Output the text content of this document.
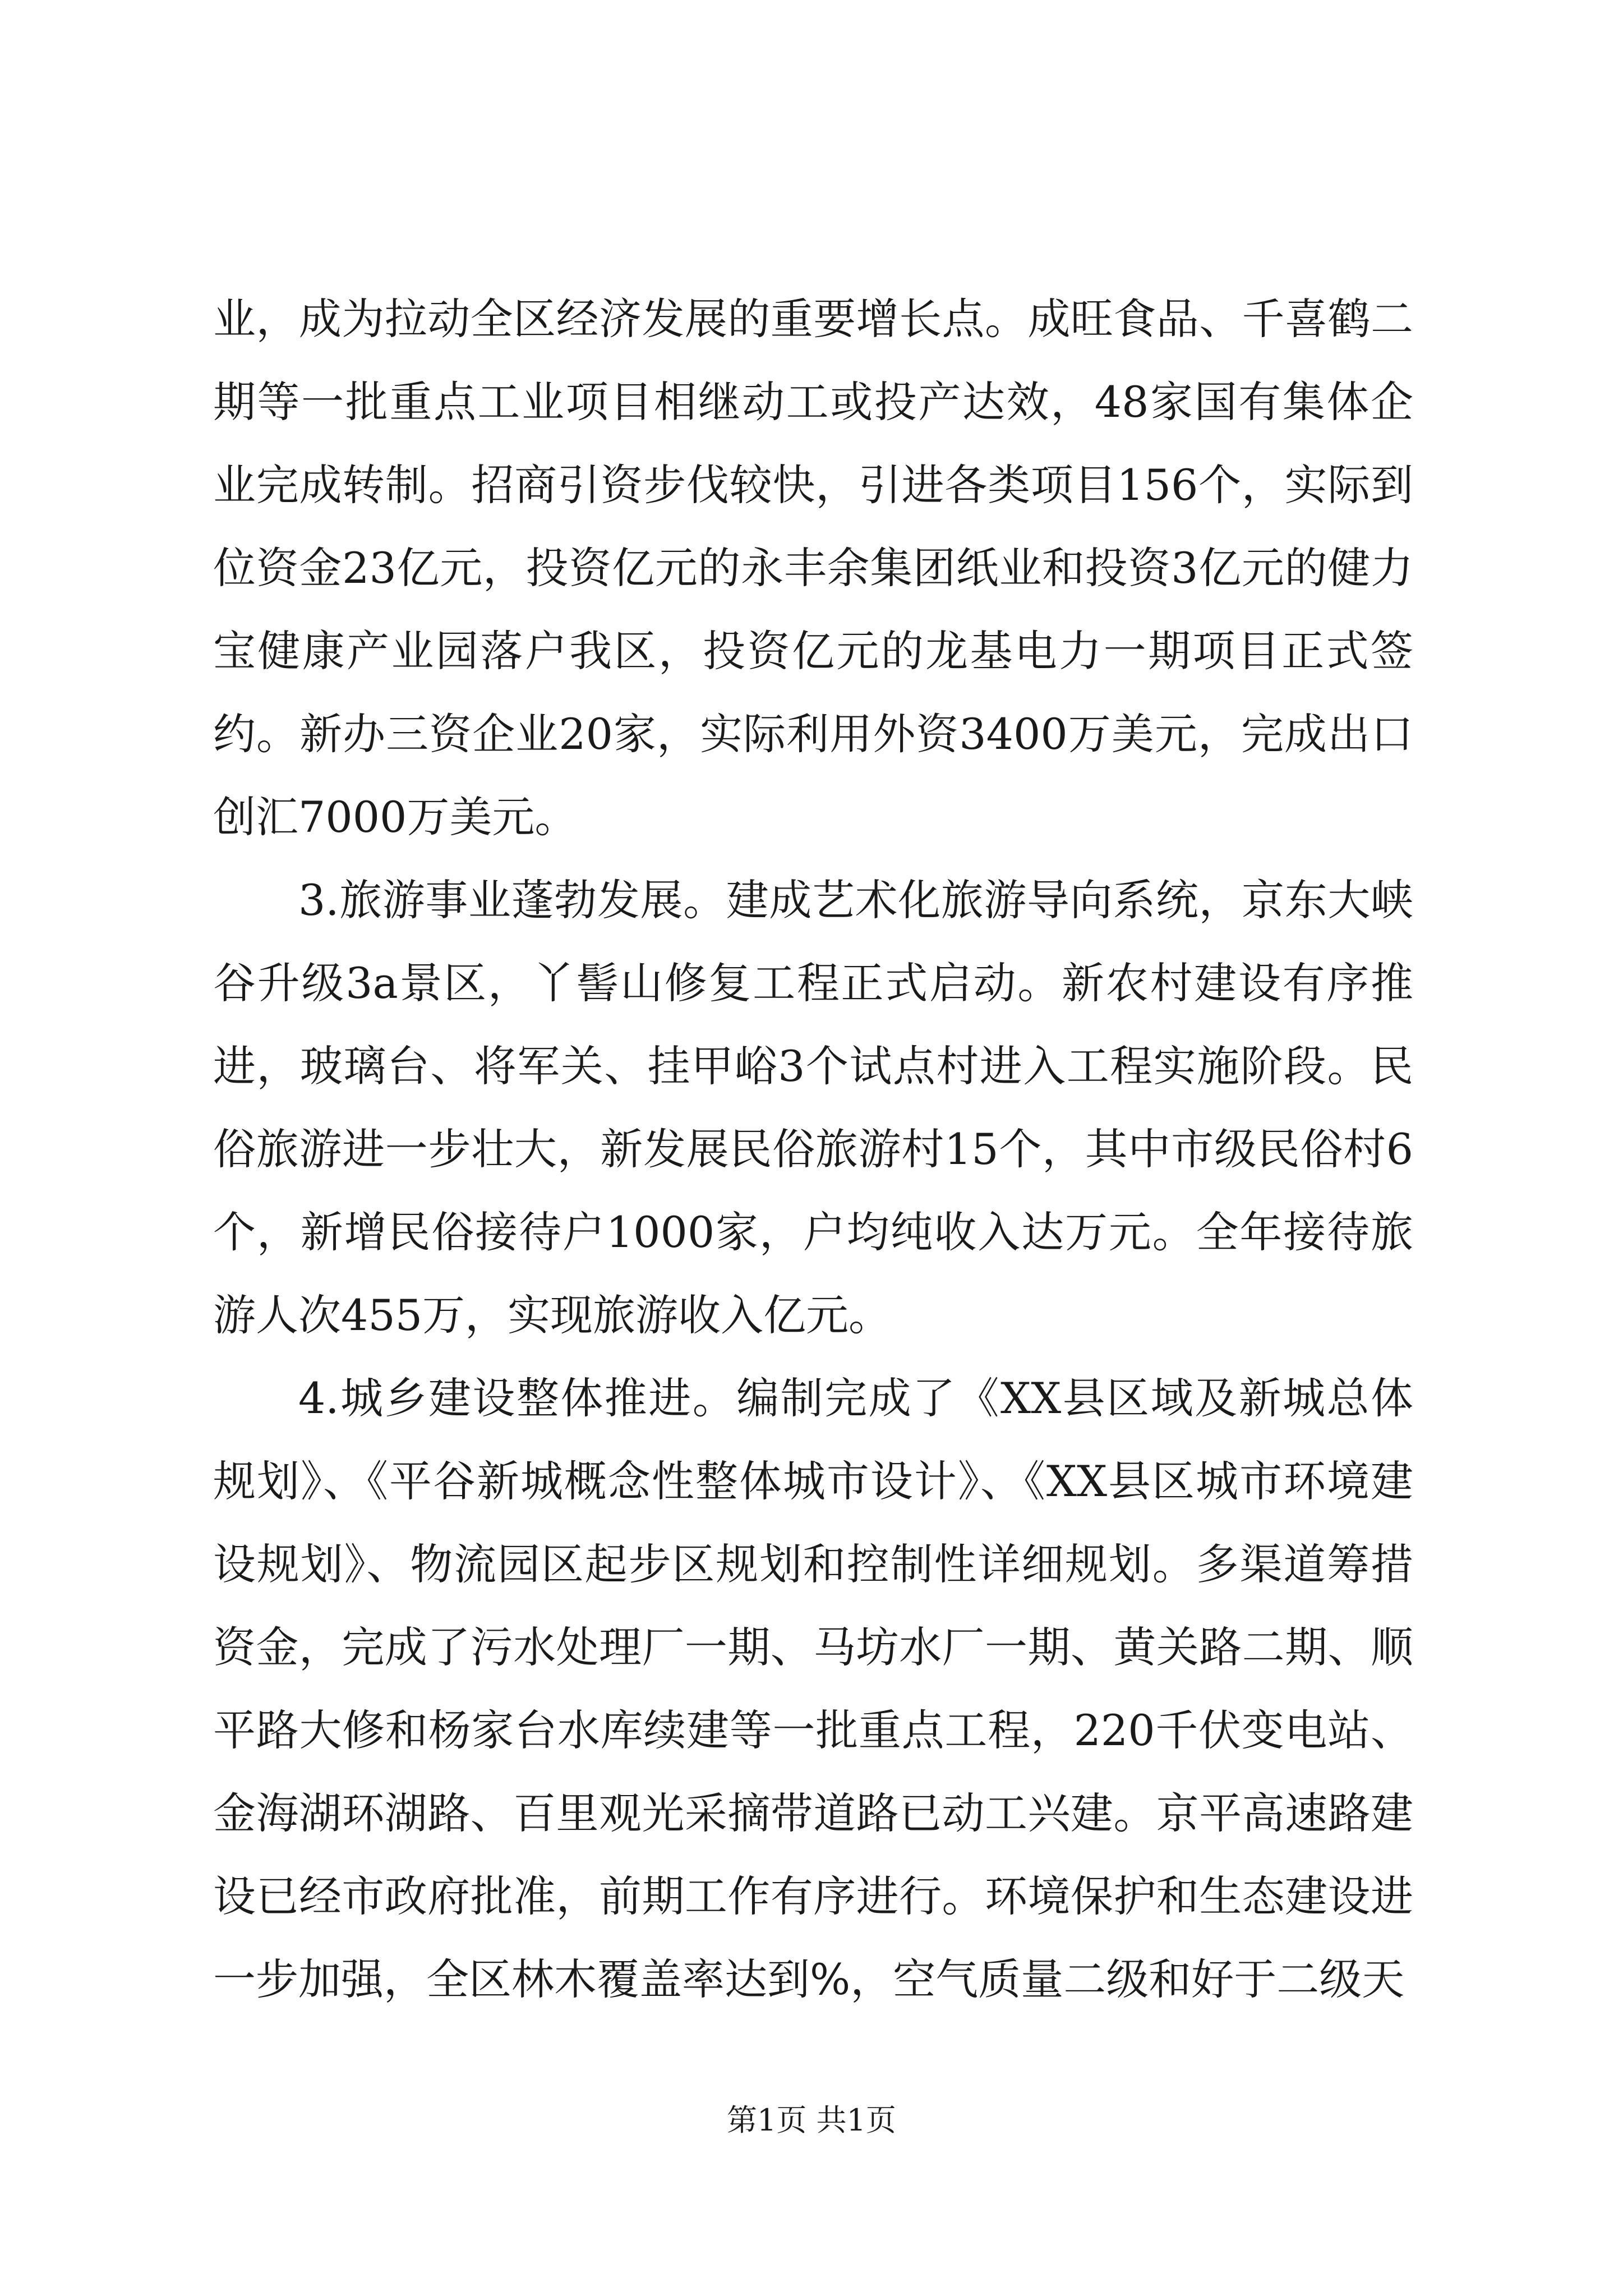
业，成为拉动全区经济发展的重要增长点。成旺食品、千喜鹤二期等一批重点工业项目相继动工或投产达效，48家国有集体企业完成转制。招商引资步伐较快，引进各类项目156个，实际到位资金23亿元，投资亿元的永丰余集团纸业和投资3亿元的健力宝健康产业园落户我区，投资亿元的龙基电力一期项目正式签约。新办三资企业20家，实际利用外资3400万美元，完成出口创汇7000万美元。

3.旅游事业蓬勃发展。建成艺术化旅游导向系统，京东大峡谷升级3a景区，丫髻山修复工程正式启动。新农村建设有序推进，玻璃台、将军关、挂甲峪3个试点村进入工程实施阶段。民俗旅游进一步壮大，新发展民俗旅游村15个，其中市级民俗村6个，新增民俗接待户1000家，户均纯收入达万元。全年接待旅游人次455万，实现旅游收入亿元。

4.城乡建设整体推进。编制完成了《XX县区域及新城总体规划》、《平谷新城概念性整体城市设计》、《XX县区城市环境建设规划》、物流园区起步区规划和控制性详细规划。多渠道筹措资金，完成了污水处理厂一期、马坊水厂一期、黄关路二期、顺平路大修和杨家台水库续建等一批重点工程，220千伏变电站、金海湖环湖路、百里观光采摘带道路已动工兴建。京平高速路建设已经市政府批准，前期工作有序进行。环境保护和生态建设进一步加强，全区林木覆盖率达到%，空气质量二级和好于二级天

第1页 共1页
